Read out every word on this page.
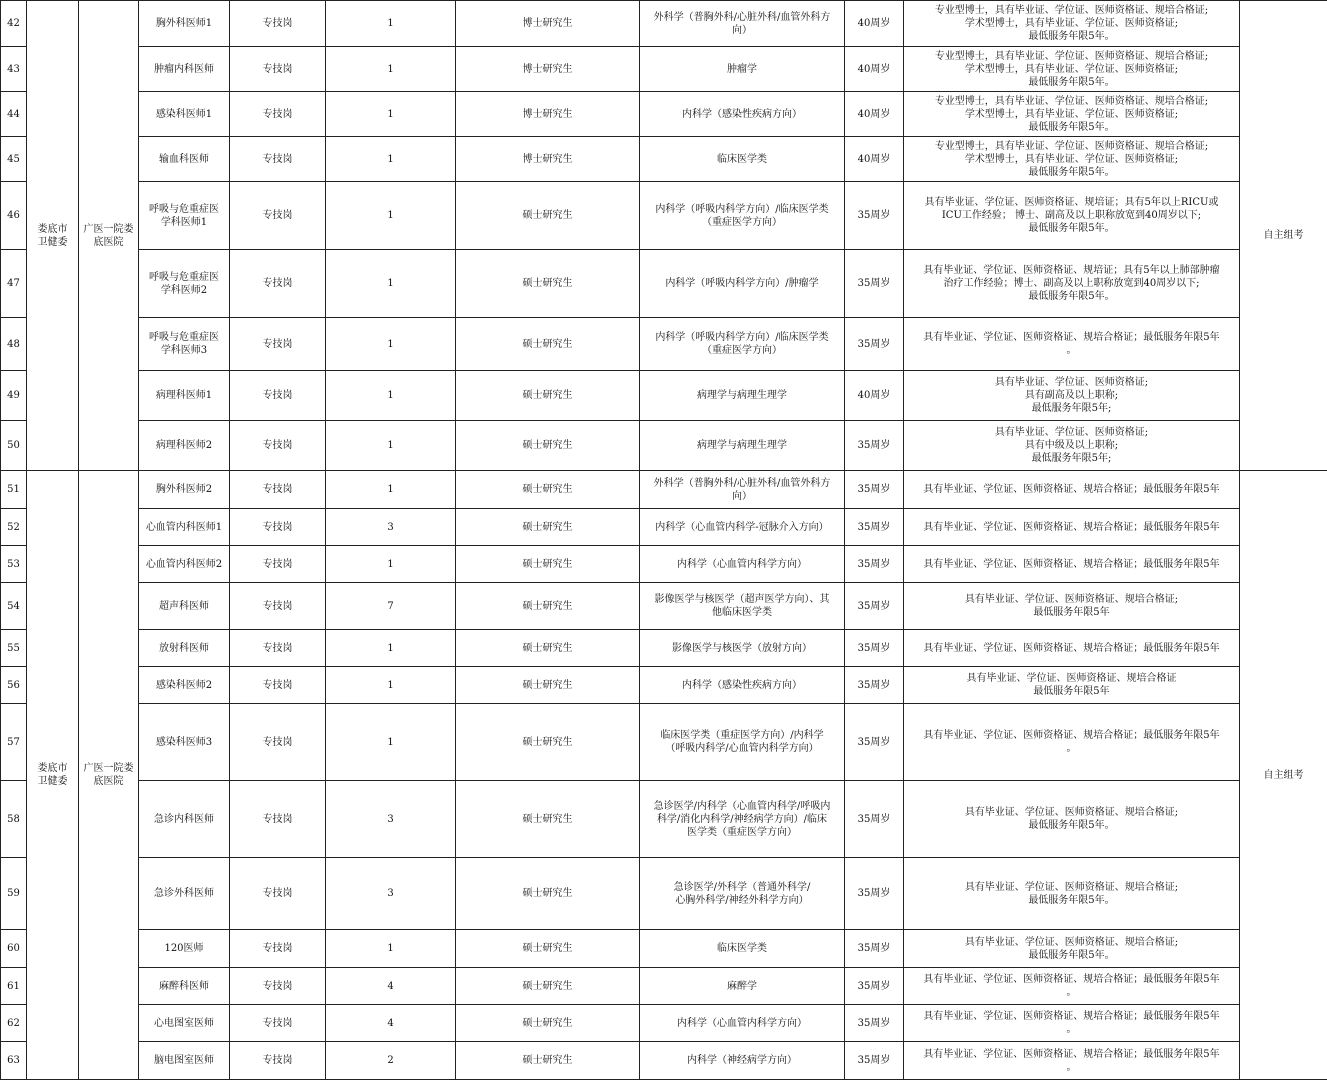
42	娄底市
卫健委	广医一院娄
底医院	胸外科医师1	专技岗	1	博士研究生	外科学（普胸外科/心脏外科/血管外科方
向）	40周岁	专业型博士，具有毕业证、学位证、医师资格证、规培合格证;
学术型博士，具有毕业证、学位证、医师资格证;
最低服务年限5年。	自主组考
43			肿瘤内科医师	专技岗	1	博士研究生	肿瘤学	40周岁	专业型博士，具有毕业证、学位证、医师资格证、规培合格证;
学术型博士，具有毕业证、学位证、医师资格证;
最低服务年限5年。	
44			感染科医师1	专技岗	1	博士研究生	内科学（感染性疾病方向）	40周岁	专业型博士，具有毕业证、学位证、医师资格证、规培合格证;
学术型博士，具有毕业证、学位证、医师资格证;
最低服务年限5年。	
45			输血科医师	专技岗	1	博士研究生	临床医学类	40周岁	专业型博士，具有毕业证、学位证、医师资格证、规培合格证;
学术型博士，具有毕业证、学位证、医师资格证;
最低服务年限5年。	
46			呼吸与危重症医
学科医师1	专技岗	1	硕士研究生	内科学（呼吸内科学方向）/临床医学类
（重症医学方向）	35周岁	具有毕业证、学位证、医师资格证、规培证；具有5年以上RICU或
ICU工作经验； 博士、副高及以上职称放宽到40周岁以下;
最低服务年限5年。	
47			呼吸与危重症医
学科医师2	专技岗	1	硕士研究生	内科学（呼吸内科学方向）/肿瘤学	35周岁	具有毕业证、学位证、医师资格证、规培证；具有5年以上肺部肿瘤
治疗工作经验；博士、副高及以上职称放宽到40周岁以下;
最低服务年限5年。	
48			呼吸与危重症医
学科医师3	专技岗	1	硕士研究生	内科学（呼吸内科学方向）/临床医学类
（重症医学方向）	35周岁	具有毕业证、学位证、医师资格证、规培合格证；最低服务年限5年
。	
49			病理科医师1	专技岗	1	硕士研究生	病理学与病理生理学	40周岁	具有毕业证、学位证、医师资格证;
具有副高及以上职称;
最低服务年限5年;	
50			病理科医师2	专技岗	1	硕士研究生	病理学与病理生理学	35周岁	具有毕业证、学位证、医师资格证;
具有中级及以上职称;
最低服务年限5年;	
51	娄底市
卫健委	广医一院娄
底医院	胸外科医师2	专技岗	1	硕士研究生	外科学（普胸外科/心脏外科/血管外科方
向）	35周岁	具有毕业证、学位证、医师资格证、规培合格证；最低服务年限5年	自主组考
52			心血管内科医师1	专技岗	3	硕士研究生	内科学（心血管内科学-冠脉介入方向）	35周岁	具有毕业证、学位证、医师资格证、规培合格证；最低服务年限5年	
53			心血管内科医师2	专技岗	1	硕士研究生	内科学（心血管内科学方向）	35周岁	具有毕业证、学位证、医师资格证、规培合格证；最低服务年限5年	
54			超声科医师	专技岗	7	硕士研究生	影像医学与核医学（超声医学方向）、其
他临床医学类	35周岁	具有毕业证、学位证、医师资格证、规培合格证;
最低服务年限5年	
55			放射科医师	专技岗	1	硕士研究生	影像医学与核医学（放射方向）	35周岁	具有毕业证、学位证、医师资格证、规培合格证；最低服务年限5年	
56			感染科医师2	专技岗	1	硕士研究生	内科学（感染性疾病方向）	35周岁	具有毕业证、学位证、医师资格证、规培合格证
最低服务年限5年	
57			感染科医师3	专技岗	1	硕士研究生	临床医学类（重症医学方向）/内科学
（呼吸内科学/心血管内科学方向）	35周岁	具有毕业证、学位证、医师资格证、规培合格证；最低服务年限5年
。	
58			急诊内科医师	专技岗	3	硕士研究生	急诊医学/内科学（心血管内科学/呼吸内
科学/消化内科学/神经病学方向）/临床
医学类（重症医学方向）	35周岁	具有毕业证、学位证、医师资格证、规培合格证;
最低服务年限5年。	
59			急诊外科医师	专技岗	3	硕士研究生	急诊医学/外科学（普通外科学/
心胸外科学/神经外科学方向）	35周岁	具有毕业证、学位证、医师资格证、规培合格证;
最低服务年限5年。	
60			120医师	专技岗	1	硕士研究生	临床医学类	35周岁	具有毕业证、学位证、医师资格证、规培合格证;
最低服务年限5年。	
61			麻醉科医师	专技岗	4	硕士研究生	麻醉学	35周岁	具有毕业证、学位证、医师资格证、规培合格证；最低服务年限5年
。	
62			心电图室医师	专技岗	4	硕士研究生	内科学（心血管内科学方向）	35周岁	具有毕业证、学位证、医师资格证、规培合格证；最低服务年限5年
。	
63			脑电图室医师	专技岗	2	硕士研究生	内科学（神经病学方向）	35周岁	具有毕业证、学位证、医师资格证、规培合格证；最低服务年限5年
。	
